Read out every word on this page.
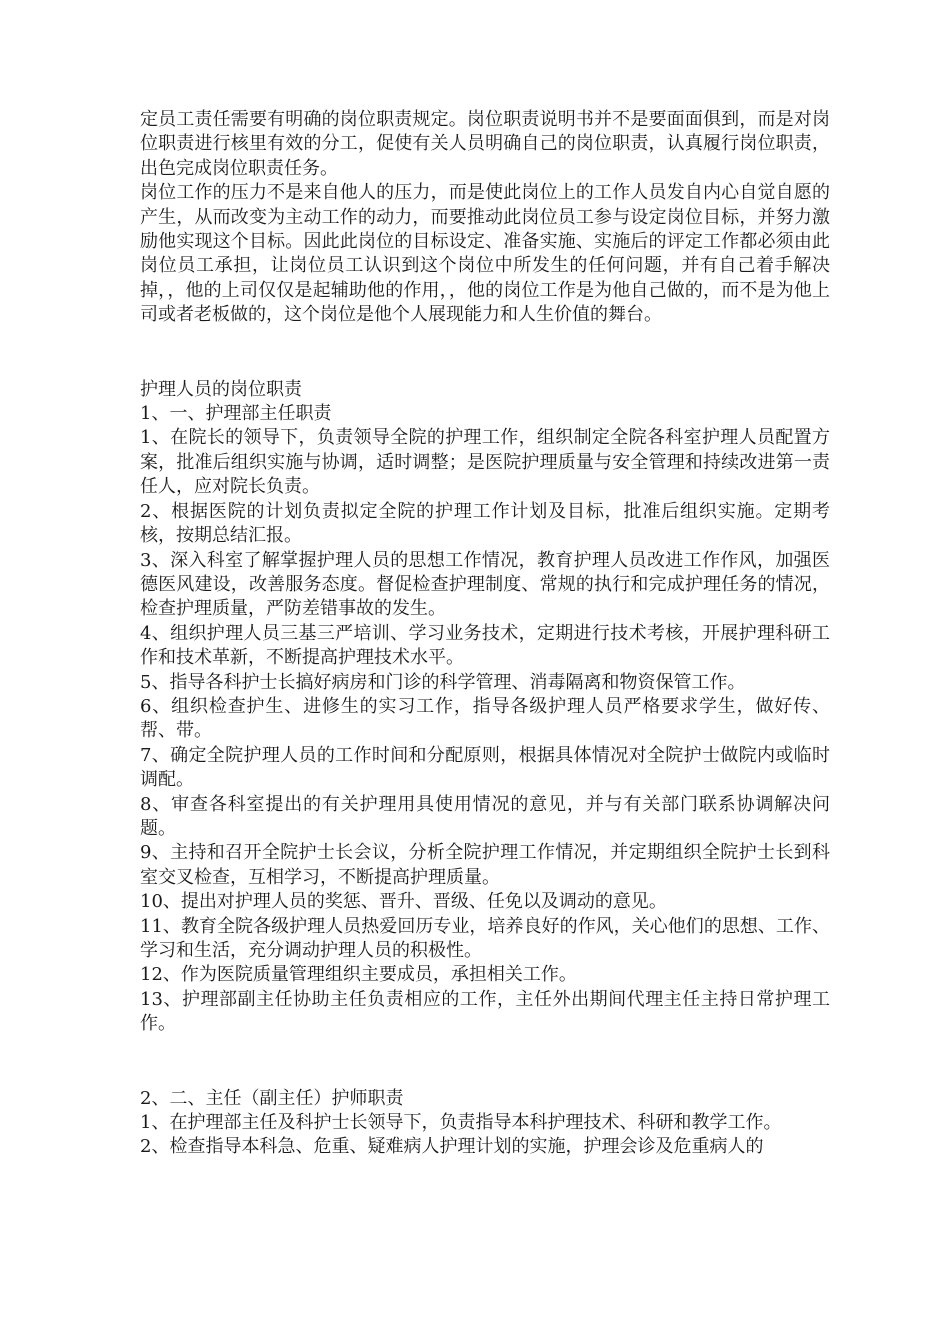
定员工责任需要有明确的岗位职责规定。岗位职责说明书并不是要面面俱到，而是对岗位职责进行核里有效的分工，促使有关人员明确自己的岗位职责，认真履行岗位职责，出色完成岗位职责任务。

岗位工作的压力不是来自他人的压力，而是使此岗位上的工作人员发自内心自觉自愿的产生，从而改变为主动工作的动力，而要推动此岗位员工参与设定岗位目标，并努力激励他实现这个目标。因此此岗位的目标设定、准备实施、实施后的评定工作都必须由此岗位员工承担，让岗位员工认识到这个岗位中所发生的任何问题，并有自己着手解决掉，，他的上司仅仅是起辅助他的作用，，他的岗位工作是为他自己做的，而不是为他上司或者老板做的，这个岗位是他个人展现能力和人生价值的舞台。

护理人员的岗位职责

1、一、护理部主任职责

1、在院长的领导下，负责领导全院的护理工作，组织制定全院各科室护理人员配置方案，批准后组织实施与协调，适时调整；是医院护理质量与安全管理和持续改进第一责任人，应对院长负责。

2、根据医院的计划负责拟定全院的护理工作计划及目标，批准后组织实施。定期考核，按期总结汇报。

3、深入科室了解掌握护理人员的思想工作情况，教育护理人员改进工作作风，加强医德医风建设，改善服务态度。督促检查护理制度、常规的执行和完成护理任务的情况，检查护理质量，严防差错事故的发生。

4、组织护理人员三基三严培训、学习业务技术，定期进行技术考核，开展护理科研工作和技术革新，不断提高护理技术水平。

5、指导各科护士长搞好病房和门诊的科学管理、消毒隔离和物资保管工作。

6、组织检查护生、进修生的实习工作，指导各级护理人员严格要求学生，做好传、帮、带。

7、确定全院护理人员的工作时间和分配原则，根据具体情况对全院护士做院内或临时调配。

8、审查各科室提出的有关护理用具使用情况的意见，并与有关部门联系协调解决问题。

9、主持和召开全院护士长会议，分析全院护理工作情况，并定期组织全院护士长到科室交叉检查，互相学习，不断提高护理质量。

10、提出对护理人员的奖惩、晋升、晋级、任免以及调动的意见。

11、教育全院各级护理人员热爱回历专业，培养良好的作风，关心他们的思想、工作、学习和生活，充分调动护理人员的积极性。

12、作为医院质量管理组织主要成员，承担相关工作。

13、护理部副主任协助主任负责相应的工作，主任外出期间代理主任主持日常护理工作。

2、二、主任（副主任）护师职责

1、在护理部主任及科护士长领导下，负责指导本科护理技术、科研和教学工作。

2、检查指导本科急、危重、疑难病人护理计划的实施，护理会诊及危重病人的
